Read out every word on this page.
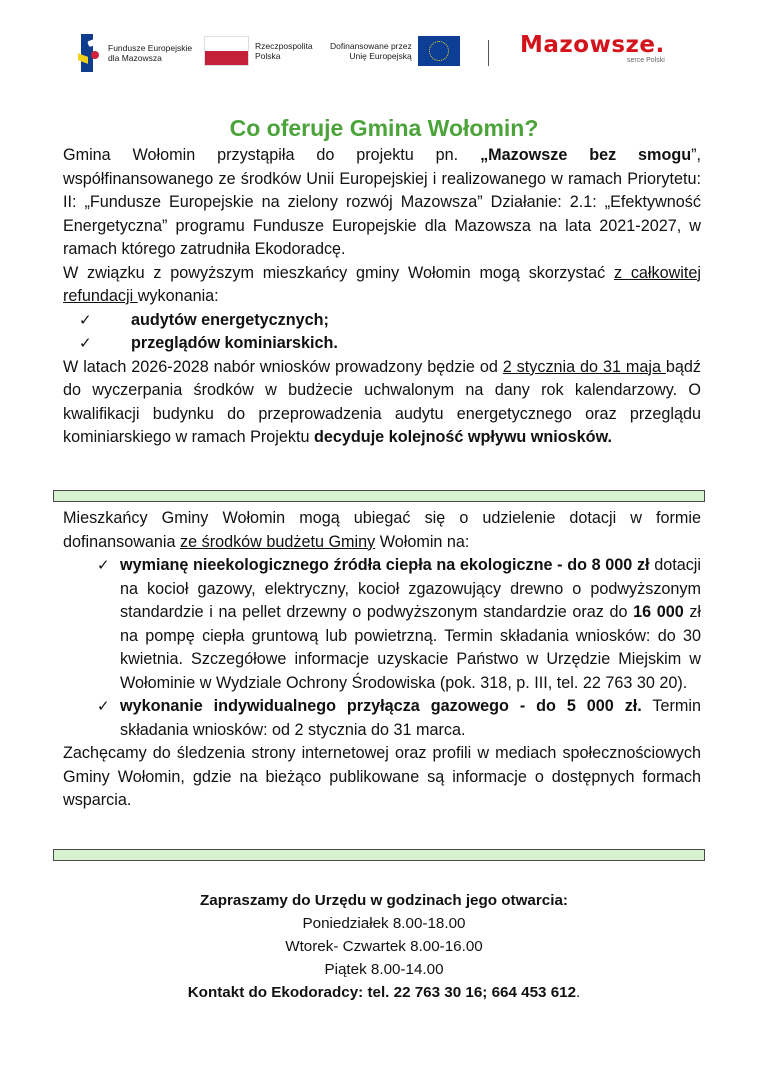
Fundusze Europejskie
dla Mazowsza
Rzeczpospolita
Polska
Dofinansowane przez
Unię Europejską	Mazowsze.
serce Polski
Co oferuje Gmina Wołomin?

Gmina Wołomin przystąpiła do projektu pn. „Mazowsze bez smogu”, współfinansowanego ze środków Unii Europejskiej i realizowanego w ramach Priorytetu: II: „Fundusze Europejskie na zielony rozwój Mazowsza” Działanie: 2.1: „Efektywność Energetyczna” programu Fundusze Europejskie dla Mazowsza na lata 2021-2027, w ramach którego zatrudniła Ekodoradcę.

W związku z powyższym mieszkańcy gminy Wołomin mogą skorzystać z całkowitej refundacji wykonania:

✓ audytów energetycznych;
✓ przeglądów kominiarskich.

W latach 2026-2028 nabór wniosków prowadzony będzie od 2 stycznia do 31 maja bądź do wyczerpania środków w budżecie uchwalonym na dany rok kalendarzowy. O kwalifikacji budynku do przeprowadzenia audytu energetycznego oraz przeglądu kominiarskiego w ramach Projektu decyduje kolejność wpływu wniosków.

Mieszkańcy Gminy Wołomin mogą ubiegać się o udzielenie dotacji w formie dofinansowania ze środków budżetu Gminy Wołomin na:

✓ wymianę nieekologicznego źródła ciepła na ekologiczne - do 8 000 zł dotacji na kocioł gazowy, elektryczny, kocioł zgazowujący drewno o podwyższonym standardzie i na pellet drzewny o podwyższonym standardzie oraz do 16 000 zł na pompę ciepła gruntową lub powietrzną. Termin składania wniosków: do 30 kwietnia. Szczegółowe informacje uzyskacie Państwo w Urzędzie Miejskim w Wołominie w Wydziale Ochrony Środowiska (pok. 318, p. III, tel. 22 763 30 20).
✓ wykonanie indywidualnego przyłącza gazowego - do 5 000 zł. Termin składania wniosków: od 2 stycznia do 31 marca.

Zachęcamy do śledzenia strony internetowej oraz profili w mediach społecznościowych Gminy Wołomin, gdzie na bieżąco publikowane są informacje o dostępnych formach wsparcia.

Zapraszamy do Urzędu w godzinach jego otwarcia:
Poniedziałek 8.00-18.00
Wtorek- Czwartek 8.00-16.00
Piątek 8.00-14.00
Kontakt do Ekodoradcy: tel. 22 763 30 16; 664 453 612.
